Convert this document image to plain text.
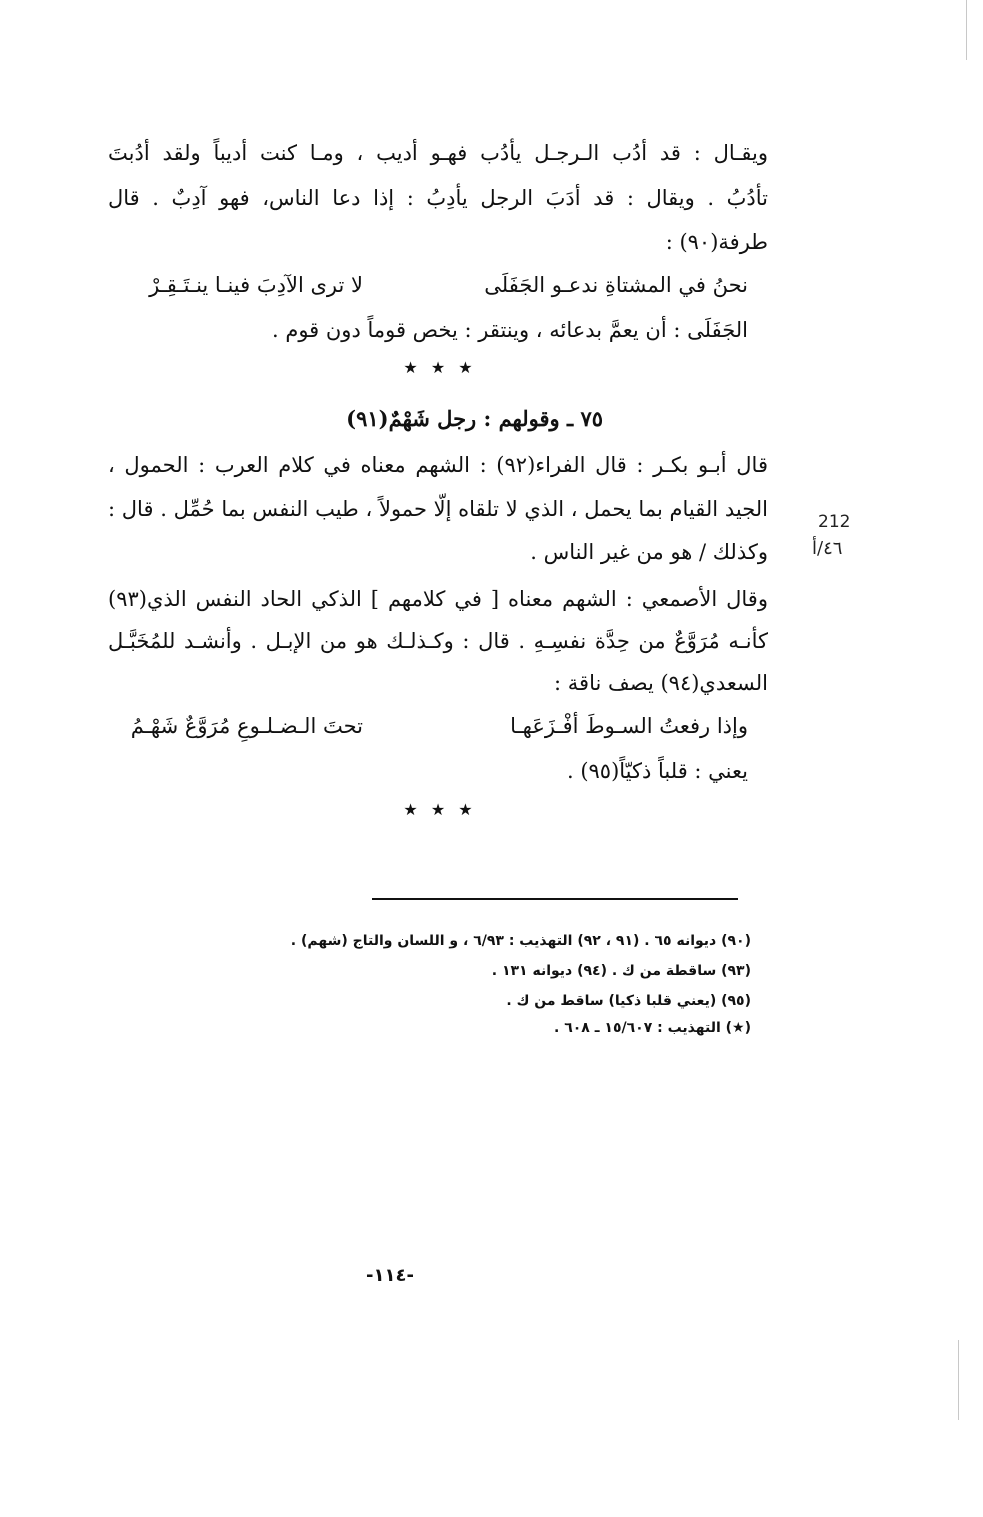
ويقـال : قد أدُب الـرجـل يأدُب فهـو أديب ، ومـا كنت أديباً ولقد أدُبتَ
تأدُبُ . ويقال : قد أدَبَ الرجل يأدِبُ : إذا دعا الناس، فهو آدِبٌ . قال
طرفة(٩٠) :
نحنُ في المشتاةِ ندعـو الجَفَلَى
لا ترى الآدِبَ فينـا ينـتَـقِـرْ
الجَفَلَى : أن يعمَّ بدعائه ، وينتقر : يخص قوماً دون قوم .
★ ★ ★
٧٥ ـ وقولهم : رجل شَهْمٌ(٩١)
قال أبـو بكـر : قال الفراء(٩٢) : الشهم معناه في كلام العرب : الحمول ،
الجيد القيام بما يحمل ، الذي لا تلقاه إلّا حمولاً ، طيب النفس بما حُمِّل . قال :
وكذلك / هو من غير الناس .
212
٤٦/أ
وقال الأصمعي : الشهم معناه [ في كلامهم ] الذكي الحاد النفس الذي(٩٣)
كأنـه مُرَوَّعٌ من حِدَّة نفسِـهِ . قال : وكـذلـك هو من الإبـل . وأنشـد للمُخَبَّـل
السعدي(٩٤) يصف ناقة :
وإذا رفعتُ السـوطَ أفْـزَعَهـا
تحتَ الـضـلـوعِ مُرَوَّعٌ شَهْـمُ
يعني : قلباً ذكيّاً(٩٥) .
★ ★ ★
(٩٠) ديوانه ٦٥ . (٩١ ، ٩٢) التهذيب : ٦/٩٣ ، و اللسان والتاج (شهم) .
(٩٣) ساقطة من ك . (٩٤) ديوانه ١٣١ .
(٩٥) (يعني قلبا ذكيا) ساقط من ك .
(★) التهذيب : ١٥/٦٠٧ ـ ٦٠٨ .
-١١٤-
